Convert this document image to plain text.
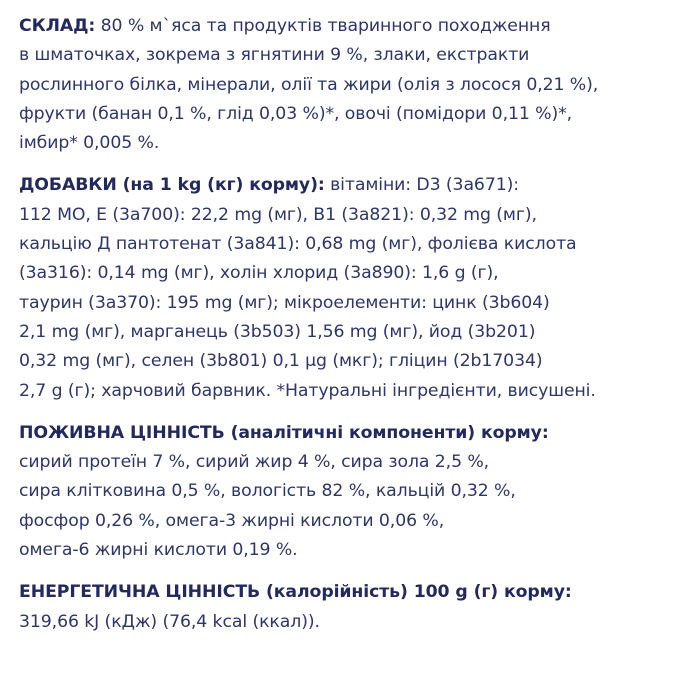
СКЛАД: 80 % м`яса та продуктів тваринного походження
в шматочках, зокрема з ягнятини 9 %, злаки, екстракти
рослинного білка, мінерали, олії та жири (олія з лосося 0,21 %),
фрукти (банан 0,1 %, глід 0,03 %)*, овочі (помідори 0,11 %)*,
імбир* 0,005 %.
ДОБАВКИ (на 1 kg (кг) корму): вітаміни: D3 (3a671):
112 МО, Е (3a700): 22,2 mg (мг), B1 (3a821): 0,32 mg (мг),
кальцію Д пантотенат (3a841): 0,68 mg (мг), фолієва кислота
(3a316): 0,14 mg (мг), холін хлорид (3a890): 1,6 g (г),
таурин (3a370): 195 mg (мг); мікроелементи: цинк (3b604)
2,1 mg (мг), марганець (3b503) 1,56 mg (мг), йод (3b201)
0,32 mg (мг), селен (3b801) 0,1 µg (мкг); гліцин (2b17034)
2,7 g (г); харчовий барвник. *Натуральні інгредієнти, висушені.
ПОЖИВНА ЦІННІСТЬ (аналітичні компоненти) корму:
сирий протеїн 7 %, сирий жир 4 %, сира зола 2,5 %,
сира клітковина 0,5 %, вологість 82 %, кальцій 0,32 %,
фосфор 0,26 %, омега-3 жирні кислоти 0,06 %,
омега-6 жирні кислоти 0,19 %.
ЕНЕРГЕТИЧНА ЦІННІСТЬ (калорійність) 100 g (г) корму:
319,66 kJ (кДж) (76,4 kcal (ккал)).
